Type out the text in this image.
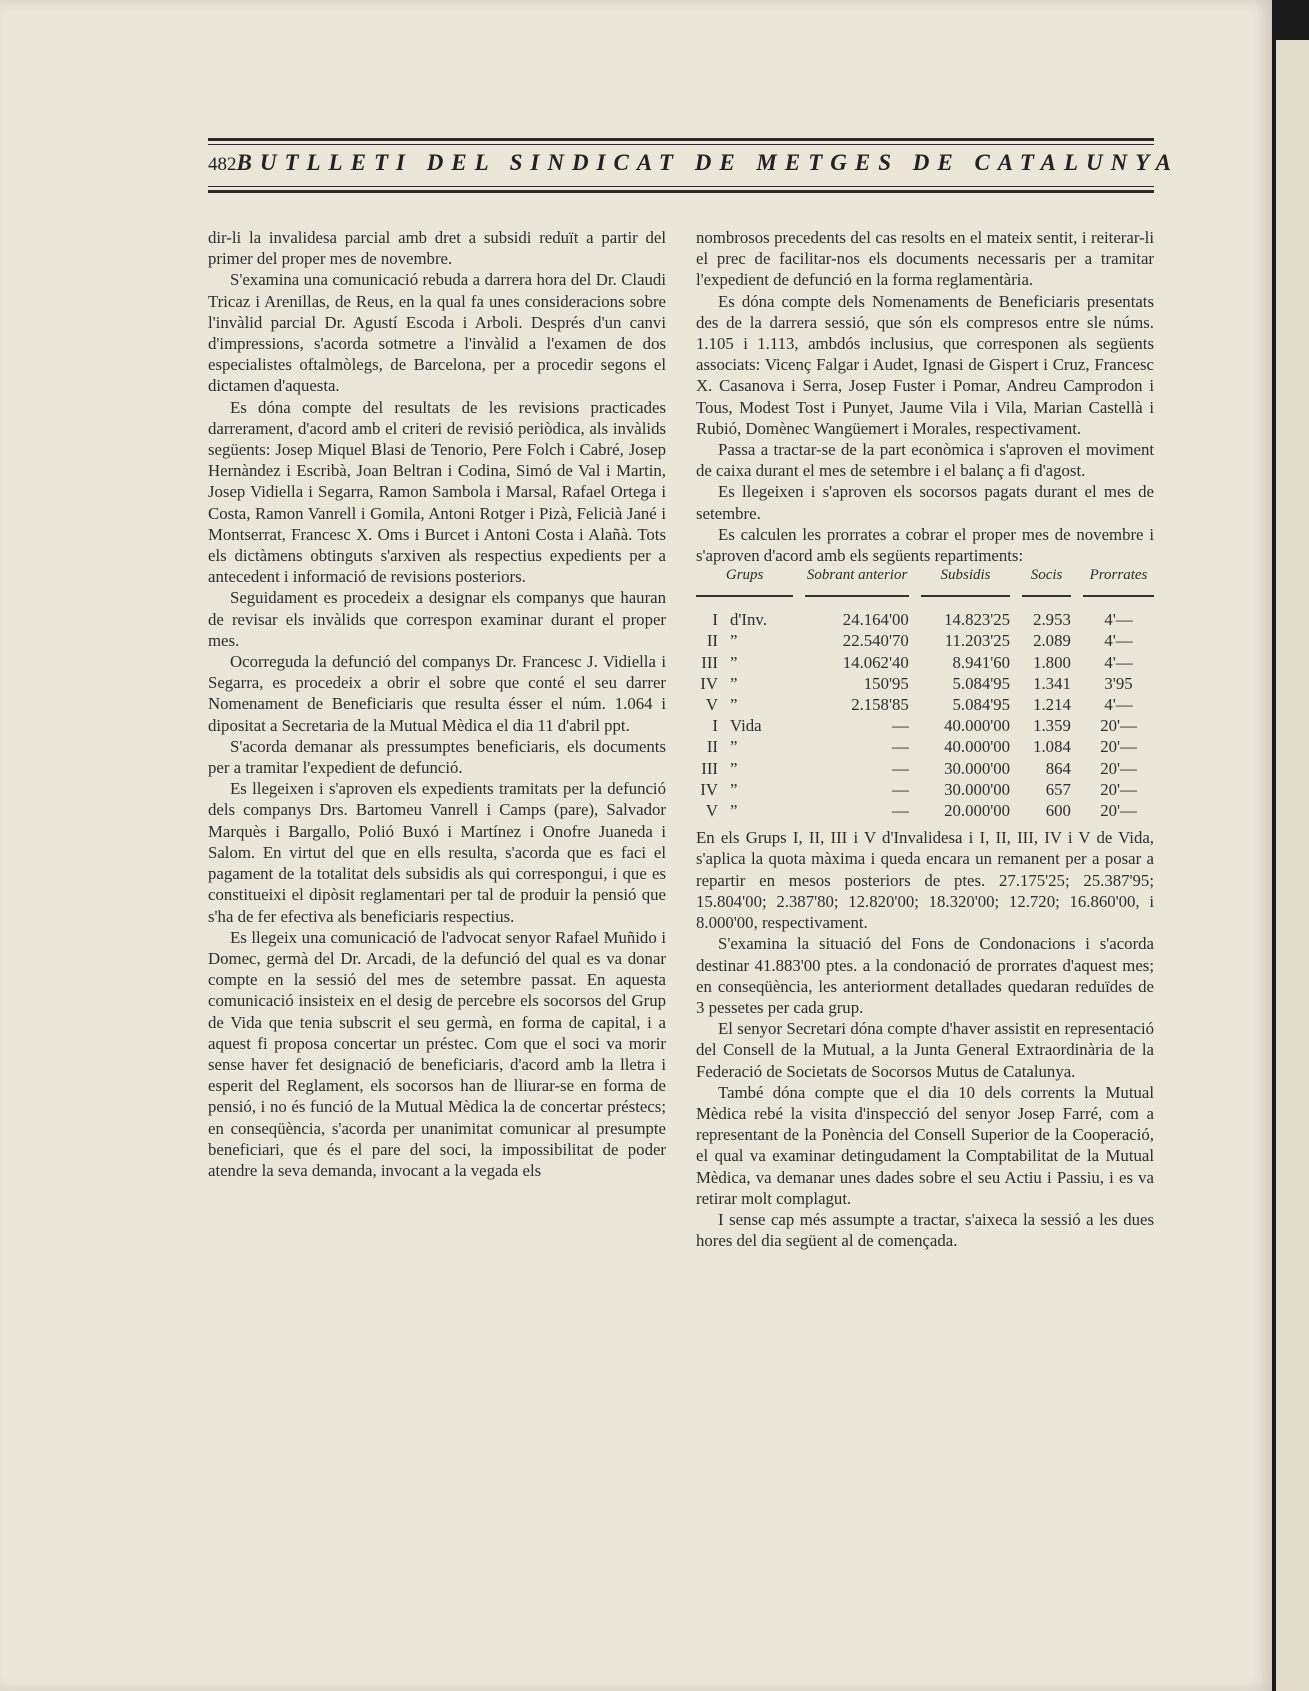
482 BUTLLETI DEL SINDICAT DE METGES DE CATALUNYA

dir-li la invalidesa parcial amb dret a subsidi reduït a partir del primer del proper mes de novembre.

S'examina una comunicació rebuda a darrera hora del Dr. Claudi Tricaz i Arenillas, de Reus, en la qual fa unes consideracions sobre l'invàlid parcial Dr. Agustí Escoda i Arboli. Després d'un canvi d'impressions, s'acorda sotmetre a l'invàlid a l'examen de dos especialistes oftalmòlegs, de Barcelona, per a procedir segons el dictamen d'aquesta.

Es dóna compte del resultats de les revisions practicades darrerament, d'acord amb el criteri de revisió periòdica, als invàlids següents: Josep Miquel Blasi de Tenorio, Pere Folch i Cabré, Josep Hernàndez i Escribà, Joan Beltran i Codina, Simó de Val i Martin, Josep Vidiella i Segarra, Ramon Sambola i Marsal, Rafael Ortega i Costa, Ramon Vanrell i Gomila, Antoni Rotger i Pizà, Felicià Jané i Montserrat, Francesc X. Oms i Burcet i Antoni Costa i Alañà. Tots els dictàmens obtinguts s'arxiven als respectius expedients per a antecedent i informació de revisions posteriors.

Seguidament es procedeix a designar els companys que hauran de revisar els invàlids que correspon examinar durant el proper mes.

Ocorreguda la defunció del companys Dr. Francesc J. Vidiella i Segarra, es procedeix a obrir el sobre que conté el seu darrer Nomenament de Beneficiaris que resulta ésser el núm. 1.064 i dipositat a Secretaria de la Mutual Mèdica el dia 11 d'abril ppt.

S'acorda demanar als pressumptes beneficiaris, els documents per a tramitar l'expedient de defunció.

Es llegeixen i s'aproven els expedients tramitats per la defunció dels companys Drs. Bartomeu Vanrell i Camps (pare), Salvador Marquès i Bargallo, Polió Buxó i Martínez i Onofre Juaneda i Salom. En virtut del que en ells resulta, s'acorda que es faci el pagament de la totalitat dels subsidis als qui correspongui, i que es constitueixi el dipòsit reglamentari per tal de produir la pensió que s'ha de fer efectiva als beneficiaris respectius.

Es llegeix una comunicació de l'advocat senyor Rafael Muñido i Domec, germà del Dr. Arcadi, de la defunció del qual es va donar compte en la sessió del mes de setembre passat. En aquesta comunicació insisteix en el desig de percebre els socorsos del Grup de Vida que tenia subscrit el seu germà, en forma de capital, i a aquest fi proposa concertar un préstec. Com que el soci va morir sense haver fet designació de beneficiaris, d'acord amb la lletra i esperit del Reglament, els socorsos han de lliurar-se en forma de pensió, i no és funció de la Mutual Mèdica la de concertar préstecs; en conseqüència, s'acorda per unanimitat comunicar al presumpte beneficiari, que és el pare del soci, la impossibilitat de poder atendre la seva demanda, invocant a la vegada els

nombrosos precedents del cas resolts en el mateix sentit, i reiterar-li el prec de facilitar-nos els documents necessaris per a tramitar l'expedient de defunció en la forma reglamentària.

Es dóna compte dels Nomenaments de Beneficiaris presentats des de la darrera sessió, que són els compresos entre sle núms. 1.105 i 1.113, ambdós inclusius, que corresponen als següents associats: Vicenç Falgar i Audet, Ignasi de Gispert i Cruz, Francesc X. Casanova i Serra, Josep Fuster i Pomar, Andreu Camprodon i Tous, Modest Tost i Punyet, Jaume Vila i Vila, Marian Castellà i Rubió, Domènec Wangüemert i Morales, respectivament.

Passa a tractar-se de la part econòmica i s'aproven el moviment de caixa durant el mes de setembre i el balanç a fi d'agost.

Es llegeixen i s'aproven els socorsos pagats durant el mes de setembre.

Es calculen les prorrates a cobrar el proper mes de novembre i s'aproven d'acord amb els següents repartiments:

Grups		Sobrant anterior		Subsidis		Socis		Prorrates
I d'Inv.		24.164'00		14.823'25		2.953		4'—
II ”		22.540'70		11.203'25		2.089		4'—
III ”		14.062'40		8.941'60		1.800		4'—
IV ”		150'95		5.084'95		1.341		3'95
V ”		2.158'85		5.084'95		1.214		4'—
I Vida		—		40.000'00		1.359		20'—
II ”		—		40.000'00		1.084		20'—
III ”		—		30.000'00		864		20'—
IV ”		—		30.000'00		657		20'—
V ”		—		20.000'00		600		20'—

En els Grups I, II, III i V d'Invalidesa i I, II, III, IV i V de Vida, s'aplica la quota màxima i queda encara un remanent per a posar a repartir en mesos posteriors de ptes. 27.175'25; 25.387'95; 15.804'00; 2.387'80; 12.820'00; 18.320'00; 12.720; 16.860'00, i 8.000'00, respectivament.

S'examina la situació del Fons de Condonacions i s'acorda destinar 41.883'00 ptes. a la condonació de prorrates d'aquest mes; en conseqüència, les anteriorment detallades quedaran reduïdes de 3 pessetes per cada grup.

El senyor Secretari dóna compte d'haver assistit en representació del Consell de la Mutual, a la Junta General Extraordinària de la Federació de Societats de Socorsos Mutus de Catalunya.

També dóna compte que el dia 10 dels corrents la Mutual Mèdica rebé la visita d'inspecció del senyor Josep Farré, com a representant de la Ponència del Consell Superior de la Cooperació, el qual va examinar detingudament la Comptabilitat de la Mutual Mèdica, va demanar unes dades sobre el seu Actiu i Passiu, i es va retirar molt complagut.

I sense cap més assumpte a tractar, s'aixeca la sessió a les dues hores del dia següent al de començada.
